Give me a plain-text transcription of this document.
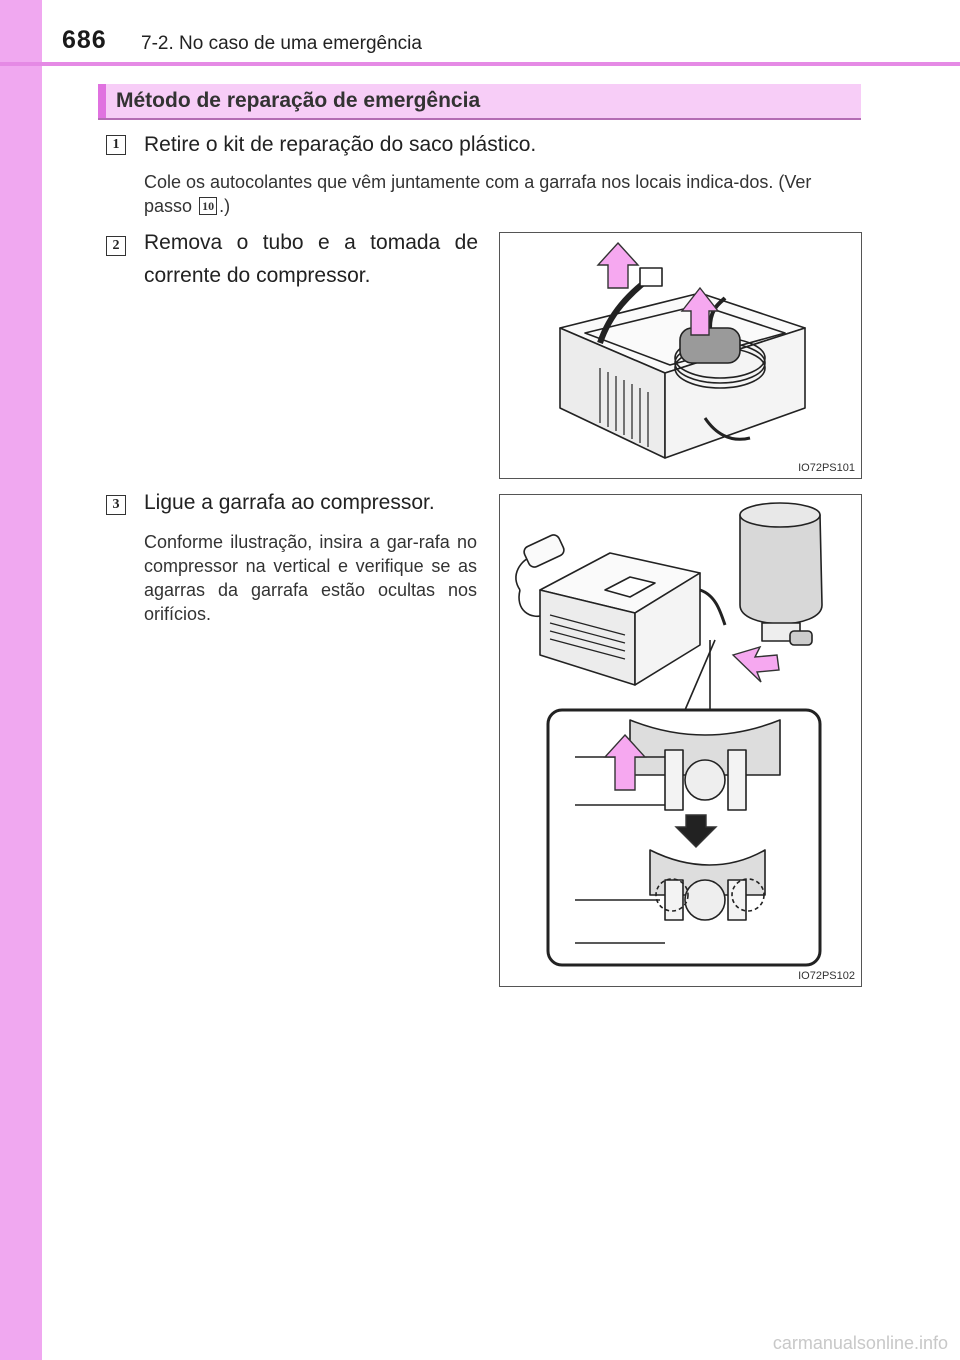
686 7-2. No caso de uma emergência
Método de reparação de emergência
1	Retire o kit de reparação do saco plástico.
Cole os autocolantes que vêm juntamente com a garrafa nos locais indica-dos. (Ver passo 10 .)
2	Remova o tubo e a tomada de corrente do compressor.
IO72PS101
3	Ligue a garrafa ao compressor.
Conforme ilustração, insira a gar-rafa no compressor na vertical e verifique se as agarras da garrafa estão ocultas nos orifícios.
IO72PS102
carmanualsonline.info
